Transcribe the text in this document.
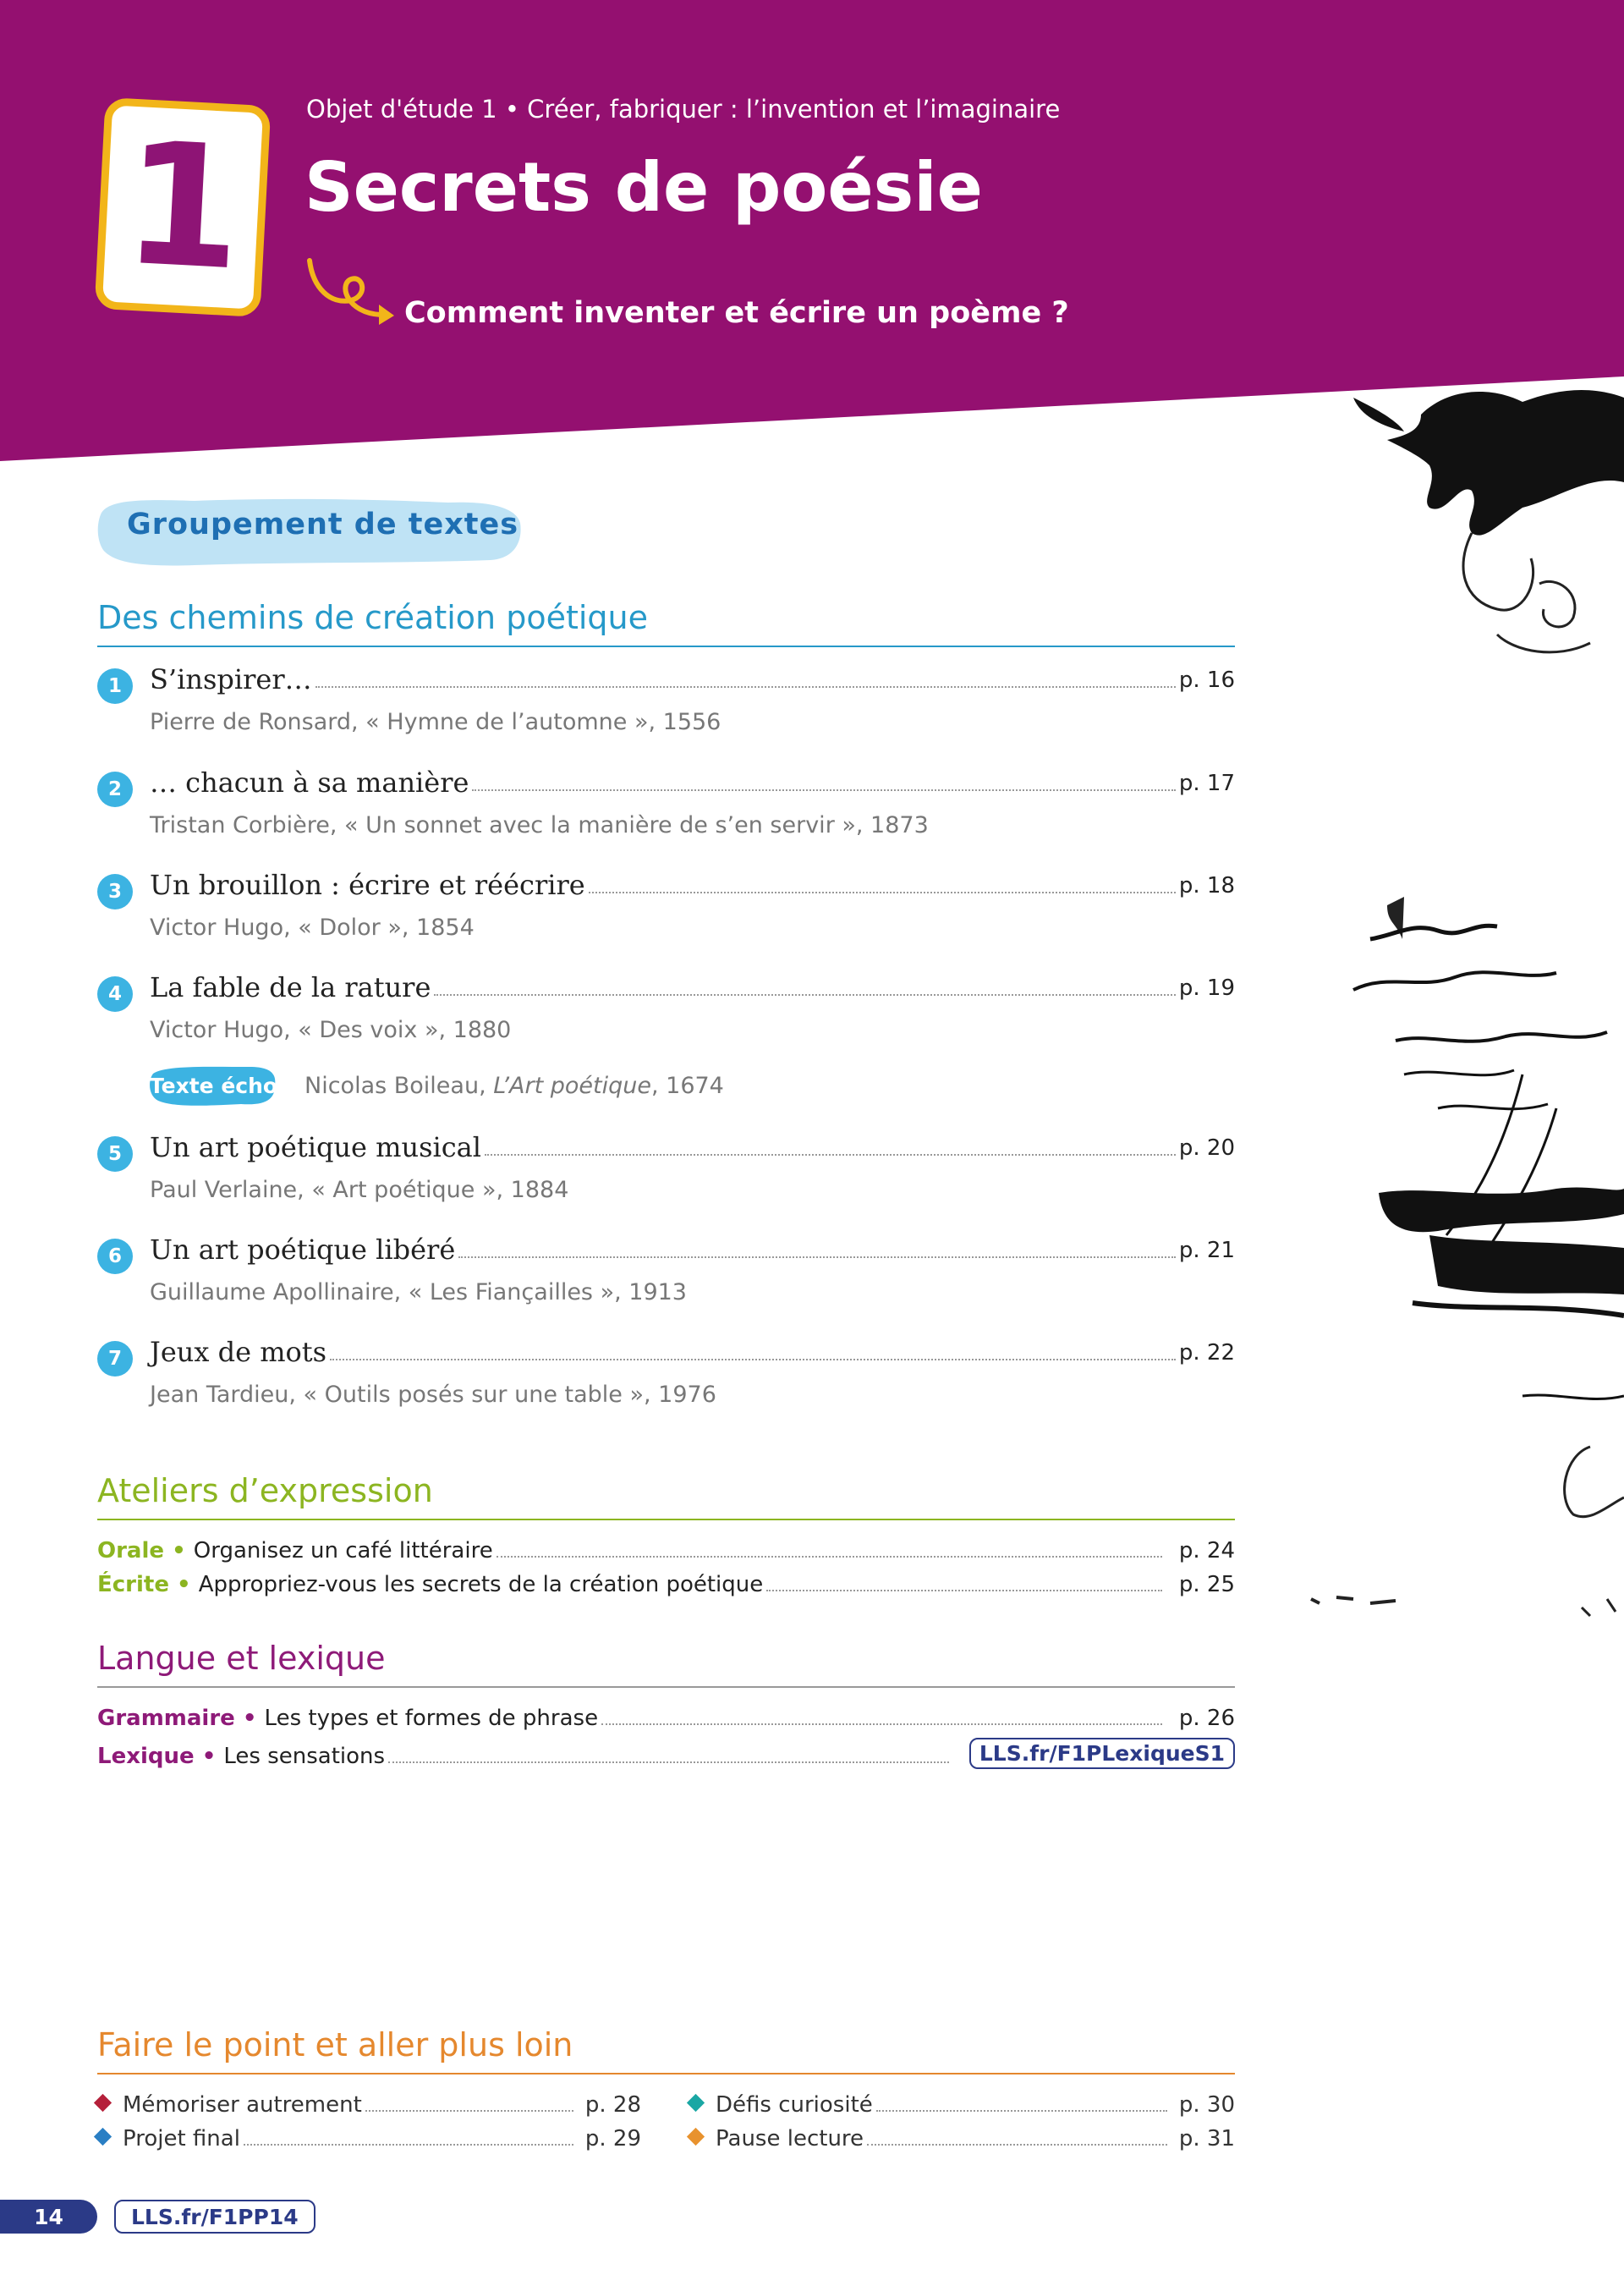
1	Objet d'étude 1 • Créer, fabriquer : l’invention et l’imaginaire
Secrets de poésie
Comment inventer et écrire un poème ?
Groupement de textes
Des chemins de création poétique
1	S’inspirer…	p. 16
Pierre de Ronsard, « Hymne de l’automne », 1556
2	… chacun à sa manière	p. 17
Tristan Corbière, « Un sonnet avec la manière de s’en servir », 1873
3	Un brouillon : écrire et réécrire	p. 18
Victor Hugo, « Dolor », 1854
4	La fable de la rature	p. 19
Victor Hugo, « Des voix », 1880
Texte écho Nicolas Boileau, L’Art poétique, 1674
5	Un art poétique musical	p. 20
Paul Verlaine, « Art poétique », 1884
6	Un art poétique libéré	p. 21
Guillaume Apollinaire, « Les Fiançailles », 1913
7	Jeux de mots	p. 22
Jean Tardieu, « Outils posés sur une table », 1976
Ateliers d’expression
Orale • Organisez un café littéraire	p. 24
Écrite • Appropriez-vous les secrets de la création poétique	p. 25
Langue et lexique
Grammaire • Les types et formes de phrase	p. 26
Lexique • Les sensations	LLS.fr/F1PLexiqueS1
Faire le point et aller plus loin
Mémoriser autrement	p. 28
Projet final	p. 29
Défis curiosité	p. 30
Pause lecture	p. 31
14	LLS.fr/F1PP14
